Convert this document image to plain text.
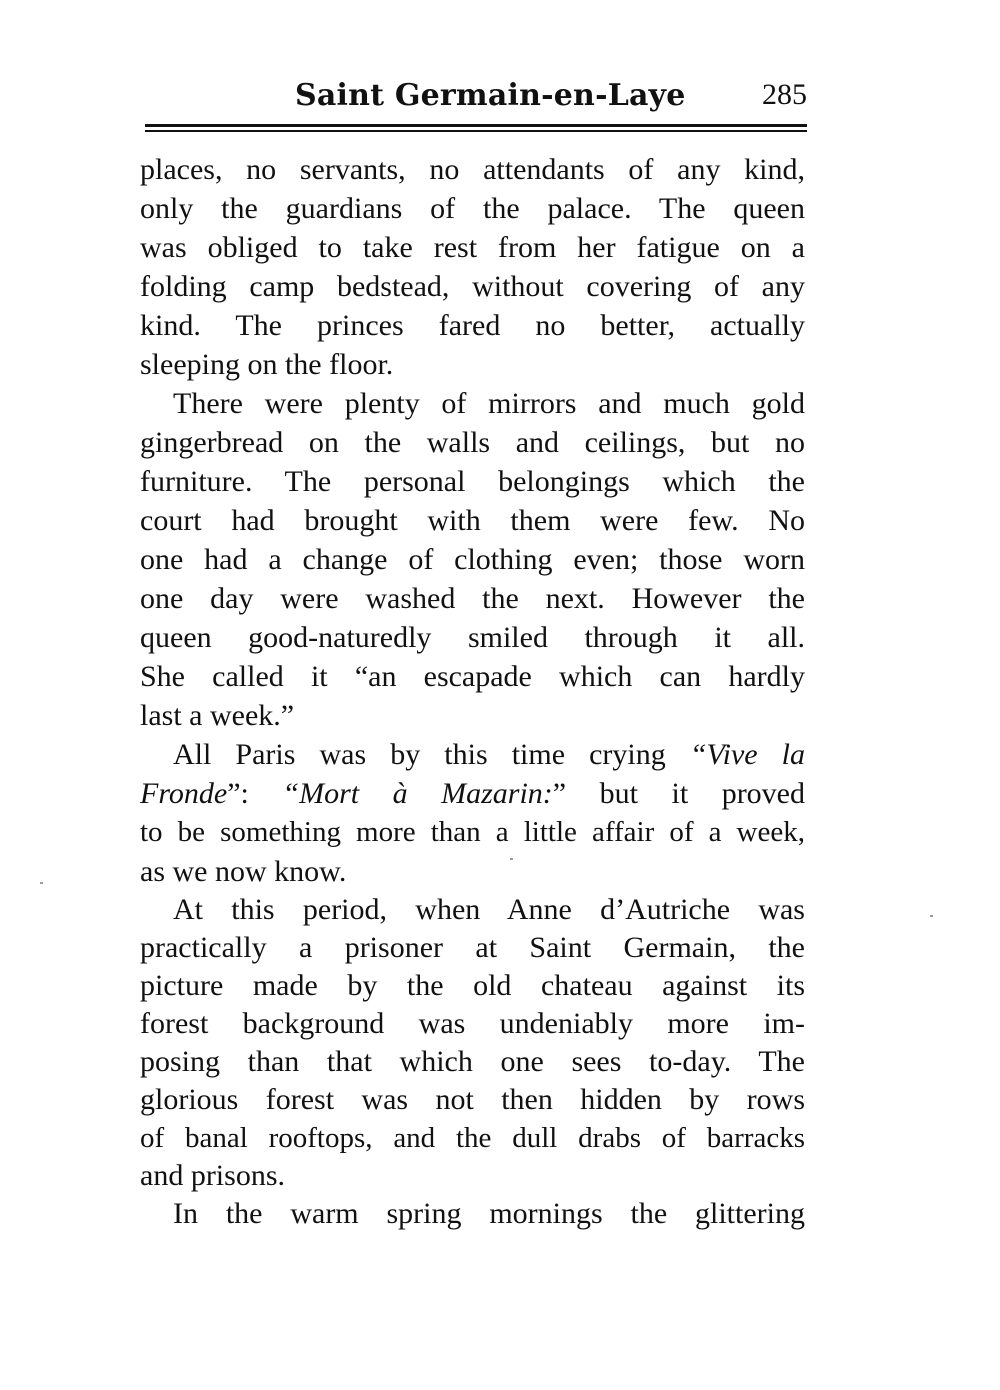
Saint Germain-en-Laye	285
places, no servants, no attendants of any kind,
only the guardians of the palace. The queen
was obliged to take rest from her fatigue on a
folding camp bedstead, without covering of any
kind. The princes fared no better, actually
sleeping on the floor.
There were plenty of mirrors and much gold
gingerbread on the walls and ceilings, but no
furniture. The personal belongings which the
court had brought with them were few. No
one had a change of clothing even; those worn
one day were washed the next. However the
queen good-naturedly smiled through it all.
She called it “an escapade which can hardly
last a week.”
All Paris was by this time crying “Vive la
Fronde”: “Mort à Mazarin:” but it proved
to be something more than a little affair of a week,
as we now know.
At this period, when Anne d’Autriche was
practically a prisoner at Saint Germain, the
picture made by the old chateau against its
forest background was undeniably more im-
posing than that which one sees to-day. The
glorious forest was not then hidden by rows
of banal rooftops, and the dull drabs of barracks
and prisons.
In the warm spring mornings the glittering
